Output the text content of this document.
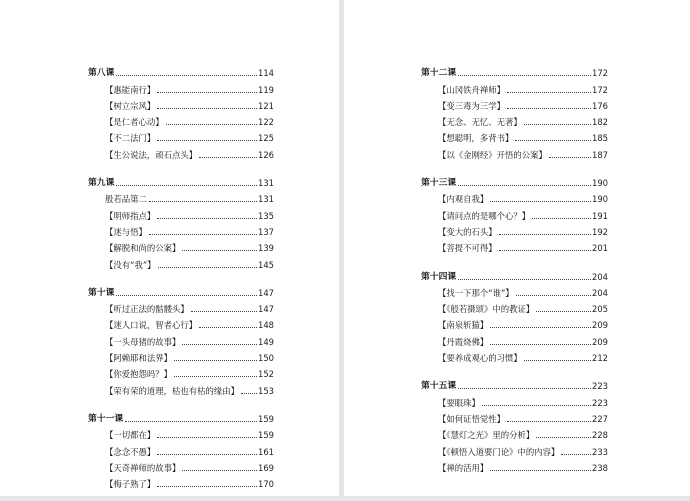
第八课	114
【惠能南行】	119
【树立宗风】	121
【是仁者心动】	122
【不二法门】	125
【生公说法，顽石点头】	126
第九课	131
般若品第二	131
【明师指点】	135
【迷与悟】	137
【解脱和尚的公案】	139
【没有“我”】	145
第十课	147
【听过正法的骷髅头】	147
【迷人口说，智者心行】	148
【一头母猪的故事】	149
【阿赖耶和法界】	150
【你爱抱怨吗？】	152
【荣有荣的道理，枯也有枯的缘由】 153
第十一课	159
【一切都在】	159
【念念不愚】	161
【天奇禅师的故事】	169
【梅子熟了】	170
第十二课	172
【山冈铁舟禅师】	172
【变三毒为三学】	176
【无念、无忆、无著】	182
【想聪明，多背书】	185
【以《金刚经》开悟的公案】	187
第十三课	190
【内观自我】	190
【请问点的是哪个心？】	191
【变大的石头】	192
【菩提不可得】	201
第十四课	204
【找一下那个“谁”】	204
【《般若摄颂》中的教证】	205
【南泉斩猫】	209
【丹霞烧佛】	209
【要养成观心的习惯】	212
第十五课	223
【要眼珠】	223
【如何证悟觉性】	227
【《慧灯之光》里的分析】	228
【《顿悟入道要门论》中的内容】	233
【禅的活用】	238
